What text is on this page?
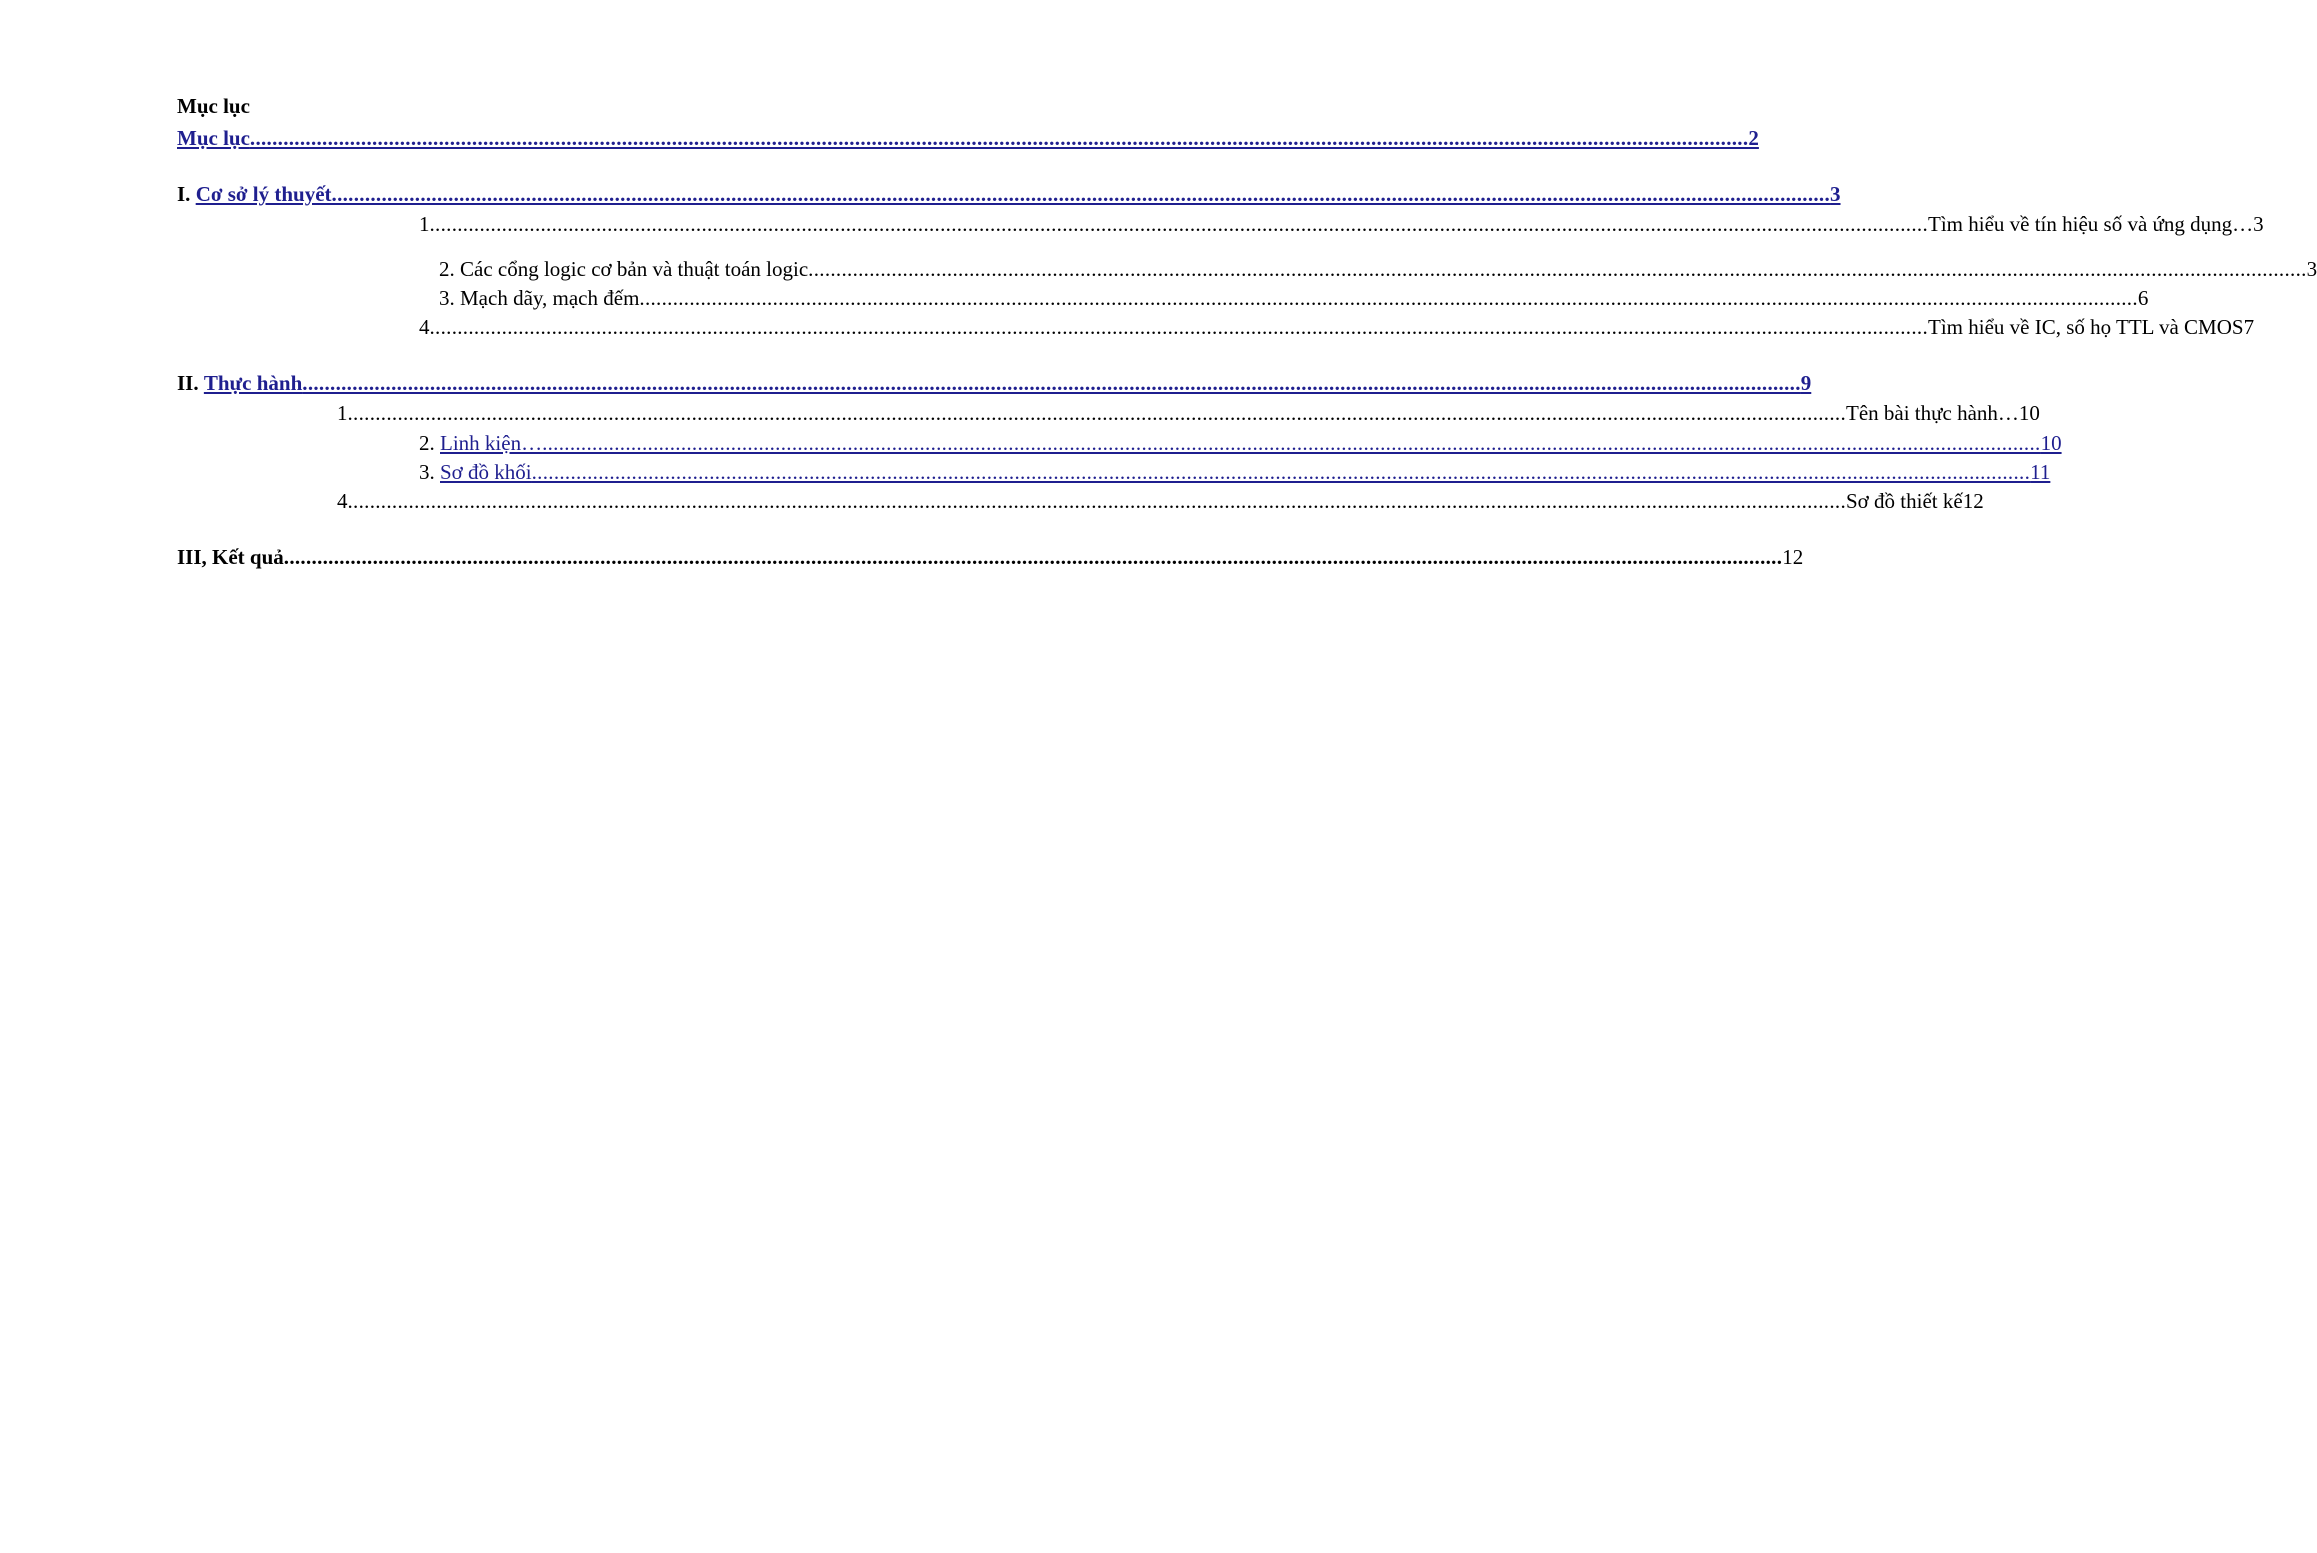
Mục lục
Mục lục .....	2
I. Cơ sở lý thuyết .....	3
1 .....	Tìm hiểu về tín hiệu số và ứng dụng… 3
2. Các cổng logic cơ bản và thuật toán logic .....	3
3. Mạch dãy, mạch đếm .....	6
4 .....	Tìm hiểu về IC, số họ TTL và CMOS 7
II. Thực hành .....	9
1 .....	Tên bài thực hành… 10
2. Linh kiện… .....	10
3. Sơ đồ khối .....	11
4 .....	Sơ đồ thiết kế 12
III, Kết quả .....	12
